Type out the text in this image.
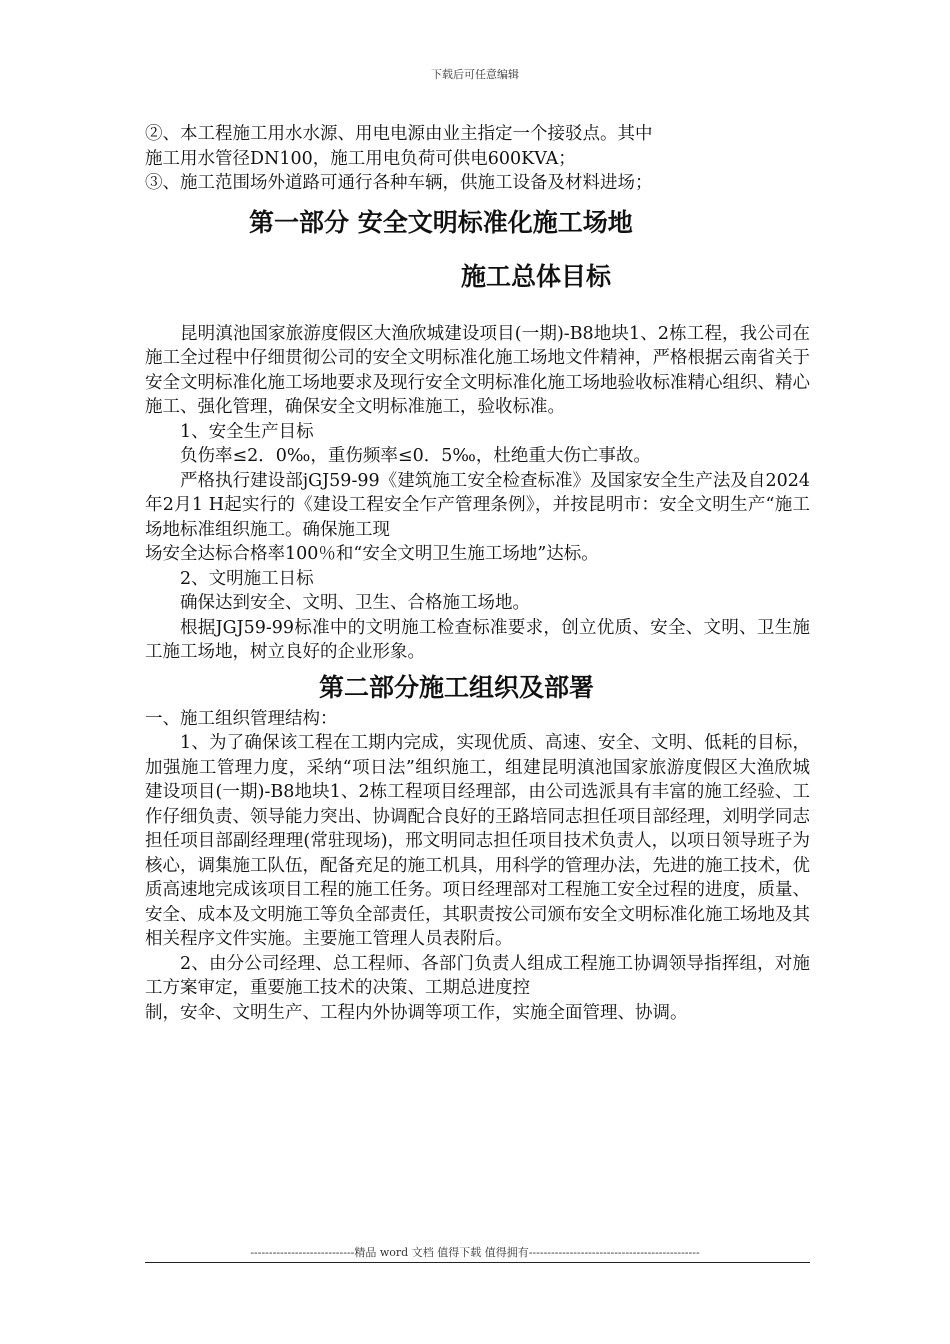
下载后可任意编辑

②、本工程施工用水水源、用电电源由业主指定一个接驳点。其中

施工用水管径DN100，施工用电负荷可供电600KVA；

③、施工范围场外道路可通行各种车辆，供施工设备及材料进场；

第一部分 安全文明标准化施工场地
施工总体目标

昆明滇池国家旅游度假区大渔欣城建设项目(一期)-B8地块1、2栋工程，我公司在施工全过程中仔细贯彻公司的安全文明标准化施工场地文件精神，严格根据云南省关于安全文明标准化施工场地要求及现行安全文明标准化施工场地验收标准精心组织、精心施工、强化管理，确保安全文明标准施工，验收标准。

1、安全生产目标

负伤率≤2．0‰，重伤频率≤0．5‰，杜绝重大伤亡事故。

严格执行建设部jGJ59-99《建筑施工安全检查标准》及国家安全生产法及自2024年2月1 H起实行的《建设工程安全乍产管理条例》，并按昆明市：安全文明生产“施工场地标准组织施工。确保施工现

场安全达标合格率100％和“安全文明卫生施工场地”达标。

2、文明施工日标

确保达到安全、文明、卫生、合格施工场地。

根据JGJ59-99标准中的文明施工检查标准要求，创立优质、安全、文明、卫生施工施工场地，树立良好的企业形象。

第二部分施工组织及部署

一、施工组织管理结构：

1、为了确保该工程在工期内完成，实现优质、高速、安全、文明、低耗的目标，加强施工管理力度，采纳“项日法”组织施工，组建昆明滇池国家旅游度假区大渔欣城建设项目(一期)-B8地块1、2栋工程项目经理部，由公司选派具有丰富的施工经验、工作仔细负责、领导能力突出、协调配合良好的王路培同志担任项目部经理，刘明学同志担任项目部副经理理(常驻现场)，邢文明同志担任项目技术负责人，以项日领导班子为核心，调集施工队伍，配备充足的施工机具，用科学的管理办法，先进的施工技术，优质高速地完成该项目工程的施工任务。项日经理部对工程施工安全过程的进度，质量、安全、成本及文明施工等负全部责任，其职责按公司颁布安全文明标准化施工场地及其相关程序文件实施。主要施工管理人员表附后。

2、由分公司经理、总工程师、各部门负责人组成工程施工协调领导指挥组，对施工方案审定，重要施工技术的决策、工期总进度控

制，安伞、文明生产、工程内外协调等项工作，实施全面管理、协调。

----------------------------精品 word 文档 值得下载 值得拥有----------------------------------------------
